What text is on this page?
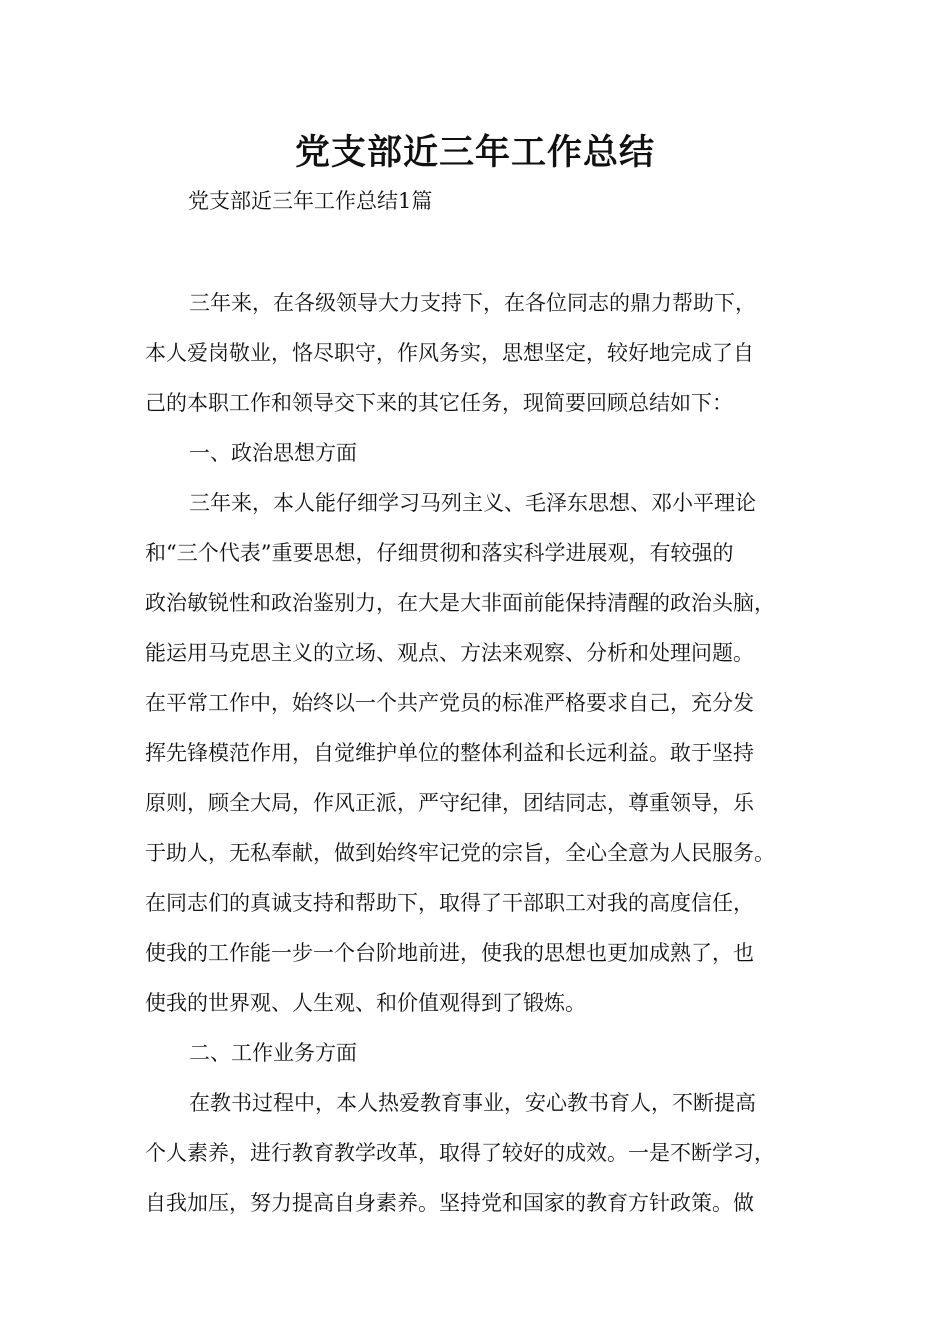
党支部近三年工作总结

党支部近三年工作总结1篇

三年来，在各级领导大力支持下，在各位同志的鼎力帮助下，
本人爱岗敬业，恪尽职守，作风务实，思想坚定，较好地完成了自
己的本职工作和领导交下来的其它任务，现简要回顾总结如下：
一、政治思想方面
三年来，本人能仔细学习马列主义、毛泽东思想、邓小平理论
和“三个代表”重要思想，仔细贯彻和落实科学进展观，有较强的
政治敏锐性和政治鉴别力，在大是大非面前能保持清醒的政治头脑，
能运用马克思主义的立场、观点、方法来观察、分析和处理问题。
在平常工作中，始终以一个共产党员的标准严格要求自己，充分发
挥先锋模范作用，自觉维护单位的整体利益和长远利益。敢于坚持
原则，顾全大局，作风正派，严守纪律，团结同志，尊重领导，乐
于助人，无私奉献，做到始终牢记党的宗旨，全心全意为人民服务。
在同志们的真诚支持和帮助下，取得了干部职工对我的高度信任，
使我的工作能一步一个台阶地前进，使我的思想也更加成熟了，也
使我的世界观、人生观、和价值观得到了锻炼。
二、工作业务方面
在教书过程中，本人热爱教育事业，安心教书育人，不断提高
个人素养，进行教育教学改革，取得了较好的成效。一是不断学习，
自我加压，努力提高自身素养。坚持党和国家的教育方针政策。做
